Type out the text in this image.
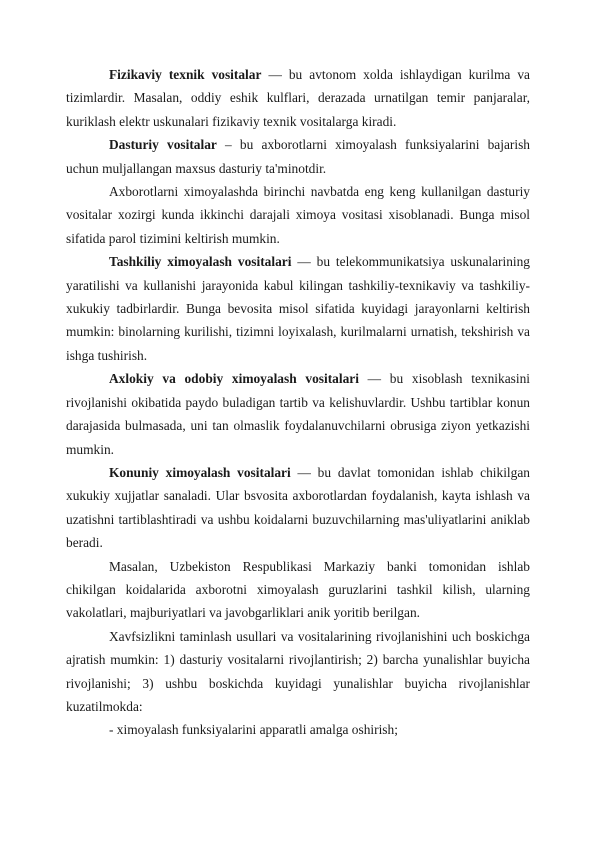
Fizikaviy texnik vositalar — bu avtonom xolda ishlaydigan kurilma va tizimlardir. Masalan, oddiy eshik kulflari, derazada urnatilgan temir panjaralar, kuriklash elektr uskunalari fizikaviy texnik vositalarga kiradi.

Dasturiy vositalar – bu axborotlarni ximoyalash funksiyalarini bajarish uchun muljallangan maxsus dasturiy ta'minotdir.

Axborotlarni ximoyalashda birinchi navbatda eng keng kullanilgan dasturiy vositalar xozirgi kunda ikkinchi darajali ximoya vositasi xisoblanadi. Bunga misol sifatida parol tizimini keltirish mumkin.

Tashkiliy ximoyalash vositalari — bu telekommunikatsiya uskunalarining yaratilishi va kullanishi jarayonida kabul kilingan tashkiliy-texnikaviy va tashkiliy-xukukiy tadbirlardir. Bunga bevosita misol sifatida kuyidagi jarayonlarni keltirish mumkin: binolarning kurilishi, tizimni loyixalash, kurilmalarni urnatish, tekshirish va ishga tushirish.

Axlokiy va odobiy ximoyalash vositalari — bu xisoblash texnikasini rivojlanishi okibatida paydo buladigan tartib va kelishuvlardir. Ushbu tartiblar konun darajasida bulmasada, uni tan olmaslik foydalanuvchilarni obrusiga ziyon yetkazishi mumkin.

Konuniy ximoyalash vositalari — bu davlat tomonidan ishlab chikilgan xukukiy xujjatlar sanaladi. Ular bsvosita axborotlardan foydalanish, kayta ishlash va uzatishni tartiblashtiradi va ushbu koidalarni buzuvchilarning mas'uliyatlarini aniklab beradi.

Masalan, Uzbekiston Respublikasi Markaziy banki tomonidan ishlab chikilgan koidalarida axborotni ximoyalash guruzlarini tashkil kilish, ularning vakolatlari, majburiyatlari va javobgarliklari anik yoritib berilgan.

Xavfsizlikni taminlash usullari va vositalarining rivojlanishini uch boskichga ajratish mumkin: 1) dasturiy vositalarni rivojlantirish; 2) barcha yunalishlar buyicha rivojlanishi; 3) ushbu boskichda kuyidagi yunalishlar buyicha rivojlanishlar kuzatilmokda:

- ximoyalash funksiyalarini apparatli amalga oshirish;
